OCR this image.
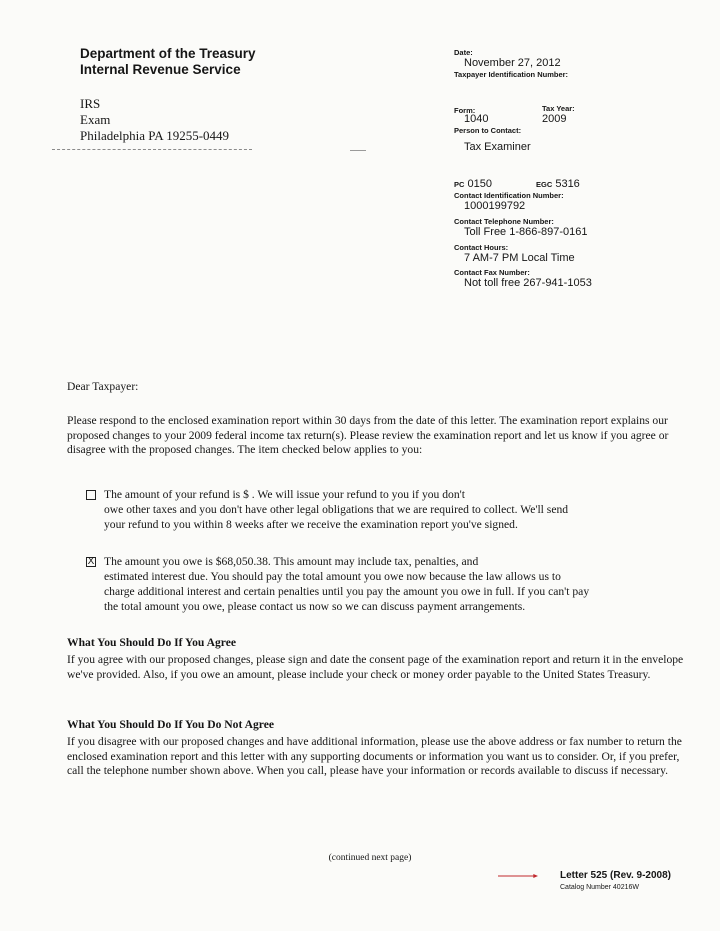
Department of the Treasury
Internal Revenue Service
IRS
Exam
Philadelphia PA 19255-0449
Date:
November 27, 2012
Taxpayer Identification Number:
Form:	Tax Year:
1040	2009
Person to Contact:
Tax Examiner
PC 0150	EGC 5316
Contact Identification Number:
1000199792
Contact Telephone Number:
Toll Free 1-866-897-0161
Contact Hours:
7 AM-7 PM Local Time
Contact Fax Number:
Not toll free 267-941-1053
Dear Taxpayer:

Please respond to the enclosed examination report within 30 days from the date of this letter. The examination report explains our proposed changes to your 2009 federal income tax return(s). Please review the examination report and let us know if you agree or disagree with the proposed changes. The item checked below applies to you:

The amount of your refund is $ . We will issue your refund to you if you don't
owe other taxes and you don't have other legal obligations that we are required to collect. We'll send
your refund to you within 8 weeks after we receive the examination report you've signed.
X The amount you owe is $68,050.38. This amount may include tax, penalties, and
estimated interest due. You should pay the total amount you owe now because the law allows us to
charge additional interest and certain penalties until you pay the amount you owe in full. If you can't pay
the total amount you owe, please contact us now so we can discuss payment arrangements.
What You Should Do If You Agree

If you agree with our proposed changes, please sign and date the consent page of the examination report and return it in the envelope we've provided. Also, if you owe an amount, please include your check or money order payable to the United States Treasury.

What You Should Do If You Do Not Agree

If you disagree with our proposed changes and have additional information, please use the above address or fax number to return the enclosed examination report and this letter with any supporting documents or information you want us to consider. Or, if you prefer, call the telephone number shown above. When you call, please have your information or records available to discuss if necessary.

(continued next page)
Letter 525 (Rev. 9-2008)
Catalog Number 40216W
